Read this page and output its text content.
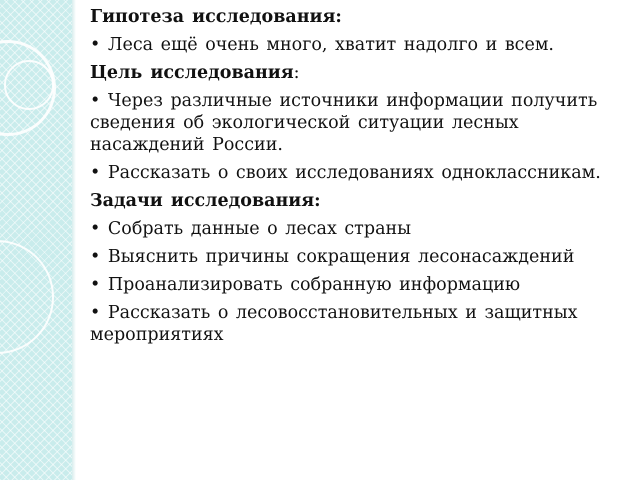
Гипотеза исследования:

• Леса ещё очень много, хватит надолго и всем.

Цель исследования:

• Через различные источники информации получить сведения об экологической ситуации лесных насаждений России.

• Рассказать о своих исследованиях одноклассникам.

Задачи исследования:

• Собрать данные о лесах страны

• Выяснить причины сокращения лесонасаждений

• Проанализировать собранную информацию

• Рассказать о лесовосстановительных и защитных мероприятиях
